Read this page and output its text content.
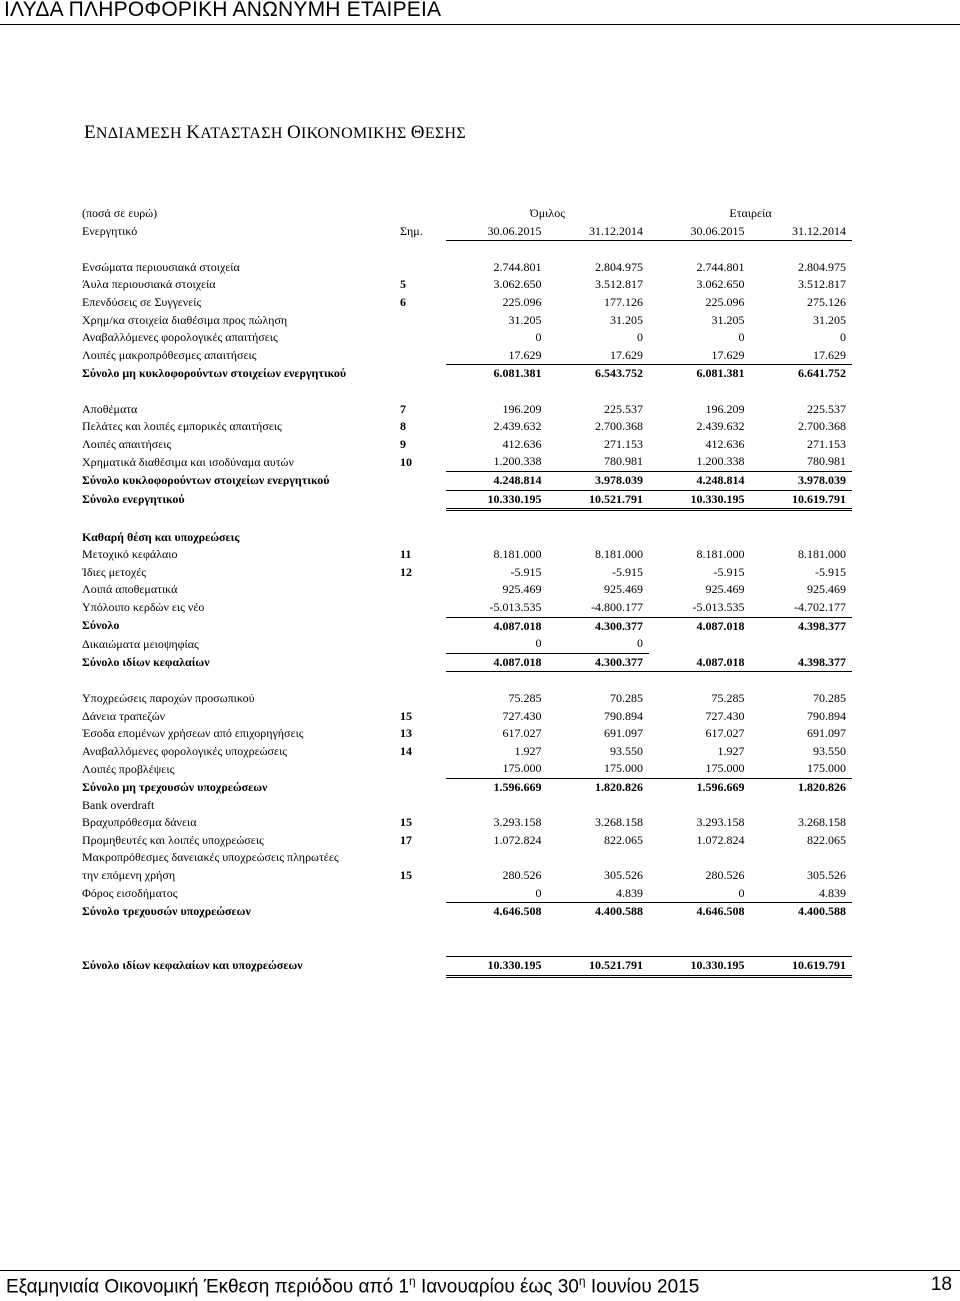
ΙΛΥΔΑ ΠΛΗΡΟΦΟΡΙΚΗ ΑΝΩΝΥΜΗ ΕΤΑΙΡΕΙΑ
ΕΝΔΙΑΜΕΣΗ ΚΑΤΑΣΤΑΣΗ ΟΙΚΟΝΟΜΙΚΗΣ ΘΕΣΗΣ
(ποσά σε ευρώ)		Όμιλος		Εταιρεία	
Ενεργητικό	Σημ.	30.06.2015	31.12.2014	30.06.2015	31.12.2014

Ενσώματα περιουσιακά στοιχεία		2.744.801	2.804.975	2.744.801	2.804.975
Άυλα περιουσιακά στοιχεία	5	3.062.650	3.512.817	3.062.650	3.512.817
Επενδύσεις σε Συγγενείς	6	225.096	177.126	225.096	275.126
Χρημ/κα στοιχεία διαθέσιμα προς πώληση		31.205	31.205	31.205	31.205
Αναβαλλόμενες φορολογικές απαιτήσεις		0	0	0	0
Λοιπές μακροπρόθεσμες απαιτήσεις		17.629	17.629	17.629	17.629
Σύνολο μη κυκλοφορούντων στοιχείων ενεργητικού		6.081.381	6.543.752	6.081.381	6.641.752

Αποθέματα	7	196.209	225.537	196.209	225.537
Πελάτες και λοιπές εμπορικές απαιτήσεις	8	2.439.632	2.700.368	2.439.632	2.700.368
Λοιπές απαιτήσεις	9	412.636	271.153	412.636	271.153
Χρηματικά διαθέσιμα και ισοδύναμα αυτών	10	1.200.338	780.981	1.200.338	780.981
Σύνολο κυκλοφορούντων στοιχείων ενεργητικού		4.248.814	3.978.039	4.248.814	3.978.039
Σύνολο ενεργητικού		10.330.195	10.521.791	10.330.195	10.619.791

Καθαρή θέση και υποχρεώσεις					
Μετοχικό κεφάλαιο	11	8.181.000	8.181.000	8.181.000	8.181.000
Ίδιες μετοχές	12	-5.915	-5.915	-5.915	-5.915
Λοιπά αποθεματικά		925.469	925.469	925.469	925.469
Υπόλοιπο κερδών εις νέο		-5.013.535	-4.800.177	-5.013.535	-4.702.177
Σύνολο		4.087.018	4.300.377	4.087.018	4.398.377
Δικαιώματα μειοψηφίας		0	0		
Σύνολο ιδίων κεφαλαίων		4.087.018	4.300.377	4.087.018	4.398.377

Υποχρεώσεις παροχών προσωπικού		75.285	70.285	75.285	70.285
Δάνεια τραπεζών	15	727.430	790.894	727.430	790.894
Έσοδα επομένων χρήσεων από επιχορηγήσεις	13	617.027	691.097	617.027	691.097
Αναβαλλόμενες φορολογικές υποχρεώσεις	14	1.927	93.550	1.927	93.550
Λοιπές προβλέψεις		175.000	175.000	175.000	175.000
Σύνολο μη τρεχουσών υποχρεώσεων		1.596.669	1.820.826	1.596.669	1.820.826
Bank overdraft					
Βραχυπρόθεσμα δάνεια	15	3.293.158	3.268.158	3.293.158	3.268.158
Προμηθευτές και λοιπές υποχρεώσεις	17	1.072.824	822.065	1.072.824	822.065
Μακροπρόθεσμες δανειακές υποχρεώσεις πληρωτέες					
την επόμενη χρήση	15	280.526	305.526	280.526	305.526
Φόρος εισοδήματος		0	4.839	0	4.839
Σύνολο τρεχουσών υποχρεώσεων		4.646.508	4.400.588	4.646.508	4.400.588

Σύνολο ιδίων κεφαλαίων και υποχρεώσεων		10.330.195	10.521.791	10.330.195	10.619.791
Εξαμηνιαία Οικονομική Έκθεση περιόδου από $1^\eta$ Ιανουαρίου έως $30^\eta$ Ιουνίου 2015	18
